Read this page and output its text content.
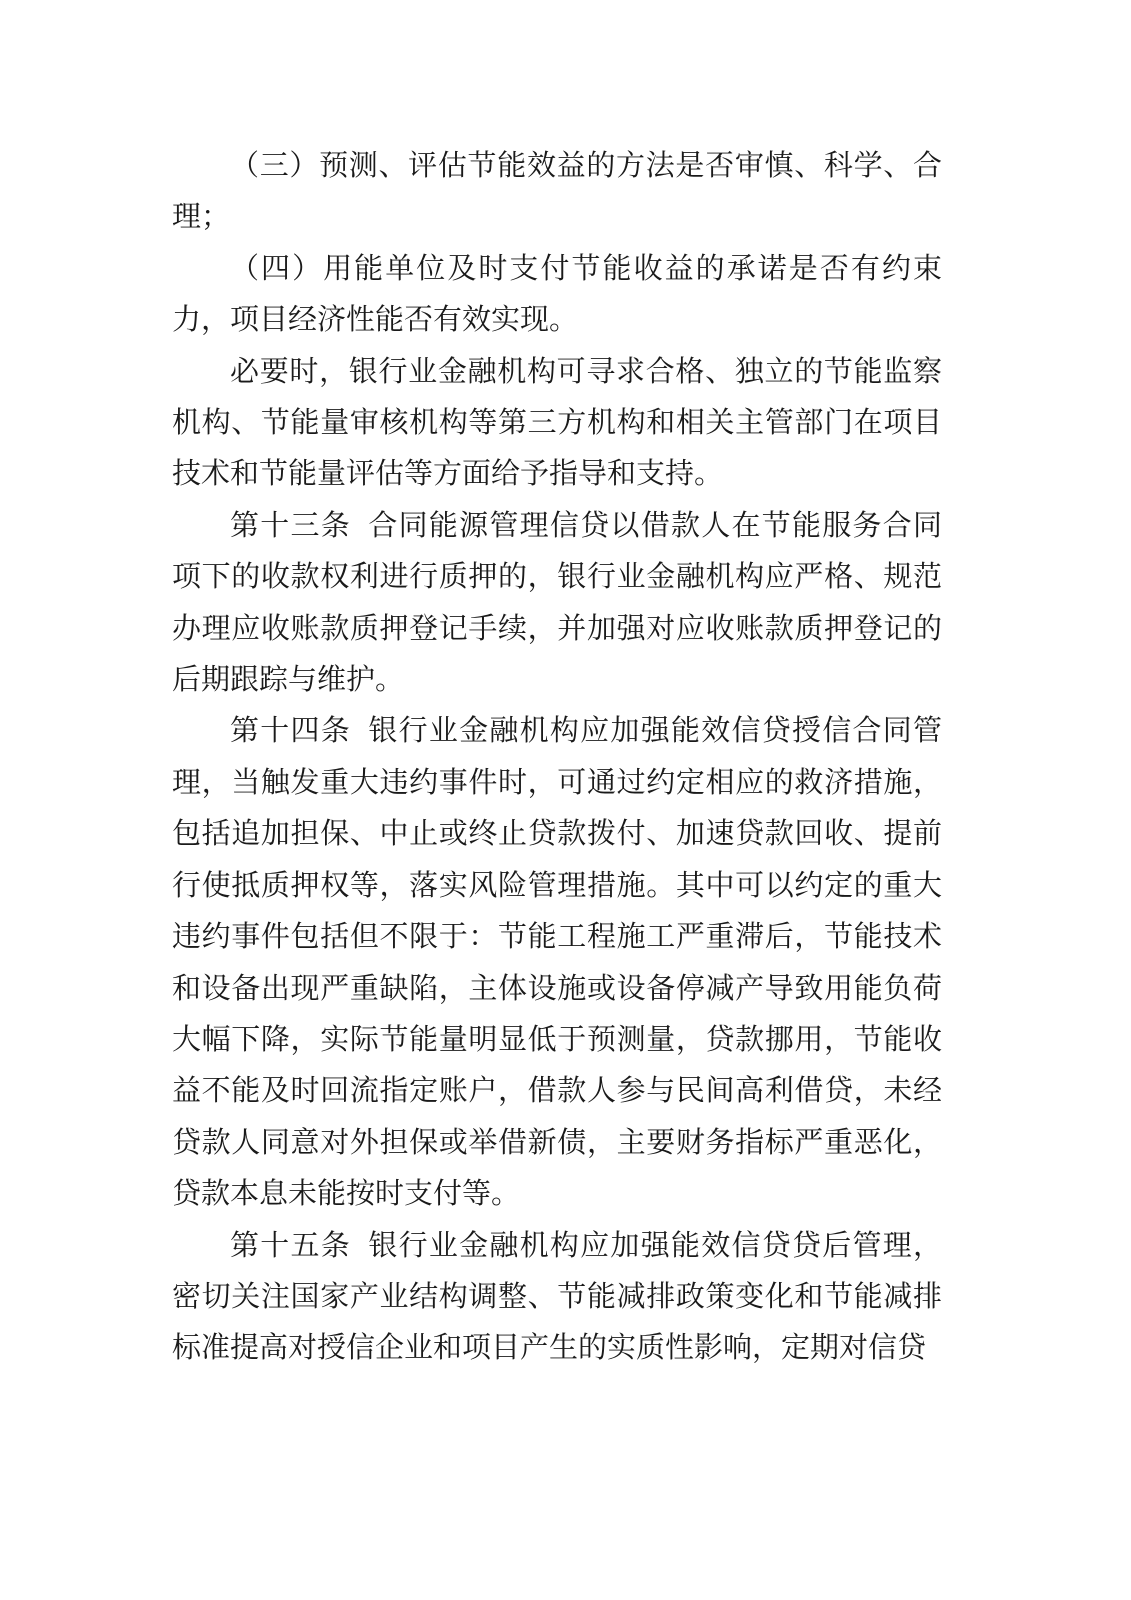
（三）预测、评估节能效益的方法是否审慎、科学、合理；

（四）用能单位及时支付节能收益的承诺是否有约束力，项目经济性能否有效实现。

必要时，银行业金融机构可寻求合格、独立的节能监察机构、节能量审核机构等第三方机构和相关主管部门在项目技术和节能量评估等方面给予指导和支持。

第十三条 合同能源管理信贷以借款人在节能服务合同项下的收款权利进行质押的，银行业金融机构应严格、规范办理应收账款质押登记手续，并加强对应收账款质押登记的后期跟踪与维护。

第十四条 银行业金融机构应加强能效信贷授信合同管理，当触发重大违约事件时，可通过约定相应的救济措施，包括追加担保、中止或终止贷款拨付、加速贷款回收、提前行使抵质押权等，落实风险管理措施。其中可以约定的重大违约事件包括但不限于：节能工程施工严重滞后，节能技术和设备出现严重缺陷，主体设施或设备停减产导致用能负荷大幅下降，实际节能量明显低于预测量，贷款挪用，节能收益不能及时回流指定账户，借款人参与民间高利借贷，未经贷款人同意对外担保或举借新债，主要财务指标严重恶化，贷款本息未能按时支付等。

第十五条 银行业金融机构应加强能效信贷贷后管理，密切关注国家产业结构调整、节能减排政策变化和节能减排标准提高对授信企业和项目产生的实质性影响，定期对信贷
